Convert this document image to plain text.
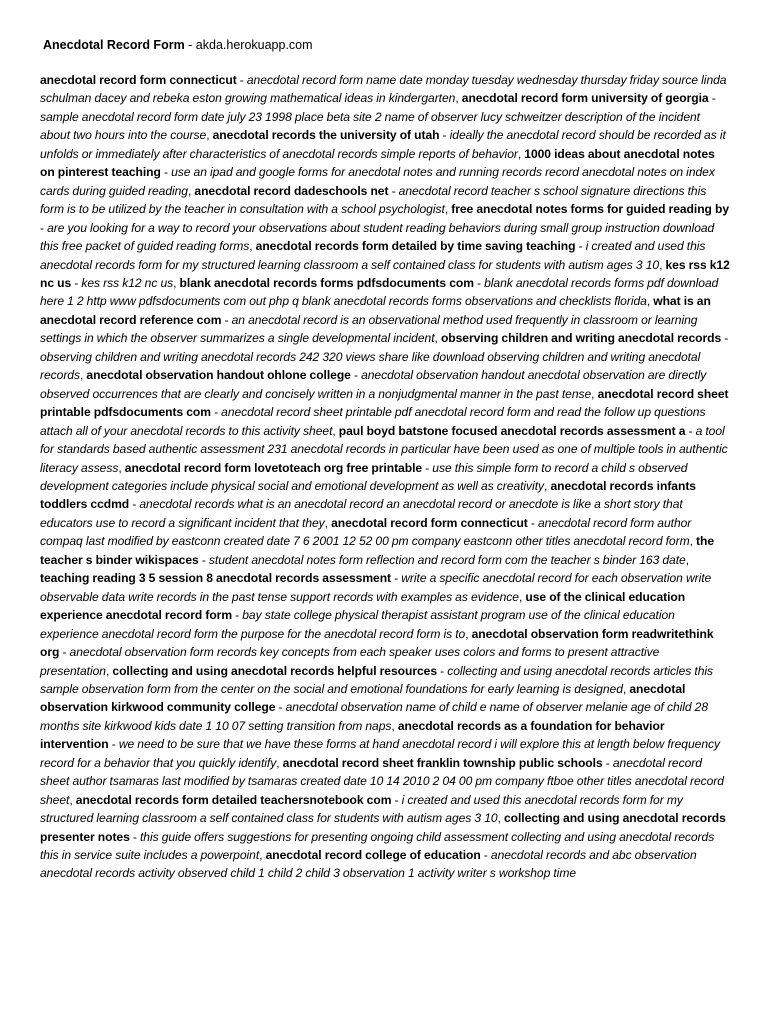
Anecdotal Record Form - akda.herokuapp.com
anecdotal record form connecticut - anecdotal record form name date monday tuesday wednesday thursday friday source linda schulman dacey and rebeka eston growing mathematical ideas in kindergarten, anecdotal record form university of georgia - sample anecdotal record form date july 23 1998 place beta site 2 name of observer lucy schweitzer description of the incident about two hours into the course, anecdotal records the university of utah - ideally the anecdotal record should be recorded as it unfolds or immediately after characteristics of anecdotal records simple reports of behavior, 1000 ideas about anecdotal notes on pinterest teaching - use an ipad and google forms for anecdotal notes and running records record anecdotal notes on index cards during guided reading, anecdotal record dadeschools net - anecdotal record teacher s school signature directions this form is to be utilized by the teacher in consultation with a school psychologist, free anecdotal notes forms for guided reading by - are you looking for a way to record your observations about student reading behaviors during small group instruction download this free packet of guided reading forms, anecdotal records form detailed by time saving teaching - i created and used this anecdotal records form for my structured learning classroom a self contained class for students with autism ages 3 10, kes rss k12 nc us - kes rss k12 nc us, blank anecdotal records forms pdfsdocuments com - blank anecdotal records forms pdf download here 1 2 http www pdfsdocuments com out php q blank anecdotal records forms observations and checklists florida, what is an anecdotal record reference com - an anecdotal record is an observational method used frequently in classroom or learning settings in which the observer summarizes a single developmental incident, observing children and writing anecdotal records - observing children and writing anecdotal records 242 320 views share like download observing children and writing anecdotal records, anecdotal observation handout ohlone college - anecdotal observation handout anecdotal observation are directly observed occurrences that are clearly and concisely written in a nonjudgmental manner in the past tense, anecdotal record sheet printable pdfsdocuments com - anecdotal record sheet printable pdf anecdotal record form and read the follow up questions attach all of your anecdotal records to this activity sheet, paul boyd batstone focused anecdotal records assessment a - a tool for standards based authentic assessment 231 anecdotal records in particular have been used as one of multiple tools in authentic literacy assess, anecdotal record form lovetoteach org free printable - use this simple form to record a child s observed development categories include physical social and emotional development as well as creativity, anecdotal records infants toddlers ccdmd - anecdotal records what is an anecdotal record an anecdotal record or anecdote is like a short story that educators use to record a significant incident that they, anecdotal record form connecticut - anecdotal record form author compaq last modified by eastconn created date 7 6 2001 12 52 00 pm company eastconn other titles anecdotal record form, the teacher s binder wikispaces - student anecdotal notes form reflection and record form com the teacher s binder 163 date, teaching reading 3 5 session 8 anecdotal records assessment - write a specific anecdotal record for each observation write observable data write records in the past tense support records with examples as evidence, use of the clinical education experience anecdotal record form - bay state college physical therapist assistant program use of the clinical education experience anecdotal record form the purpose for the anecdotal record form is to, anecdotal observation form readwritethink org - anecdotal observation form records key concepts from each speaker uses colors and forms to present attractive presentation, collecting and using anecdotal records helpful resources - collecting and using anecdotal records articles this sample observation form from the center on the social and emotional foundations for early learning is designed, anecdotal observation kirkwood community college - anecdotal observation name of child e name of observer melanie age of child 28 months site kirkwood kids date 1 10 07 setting transition from naps, anecdotal records as a foundation for behavior intervention - we need to be sure that we have these forms at hand anecdotal record i will explore this at length below frequency record for a behavior that you quickly identify, anecdotal record sheet franklin township public schools - anecdotal record sheet author tsamaras last modified by tsamaras created date 10 14 2010 2 04 00 pm company ftboe other titles anecdotal record sheet, anecdotal records form detailed teachersnotebook com - i created and used this anecdotal records form for my structured learning classroom a self contained class for students with autism ages 3 10, collecting and using anecdotal records presenter notes - this guide offers suggestions for presenting ongoing child assessment collecting and using anecdotal records this in service suite includes a powerpoint, anecdotal record college of education - anecdotal records and abc observation anecdotal records activity observed child 1 child 2 child 3 observation 1 activity writer s workshop time
